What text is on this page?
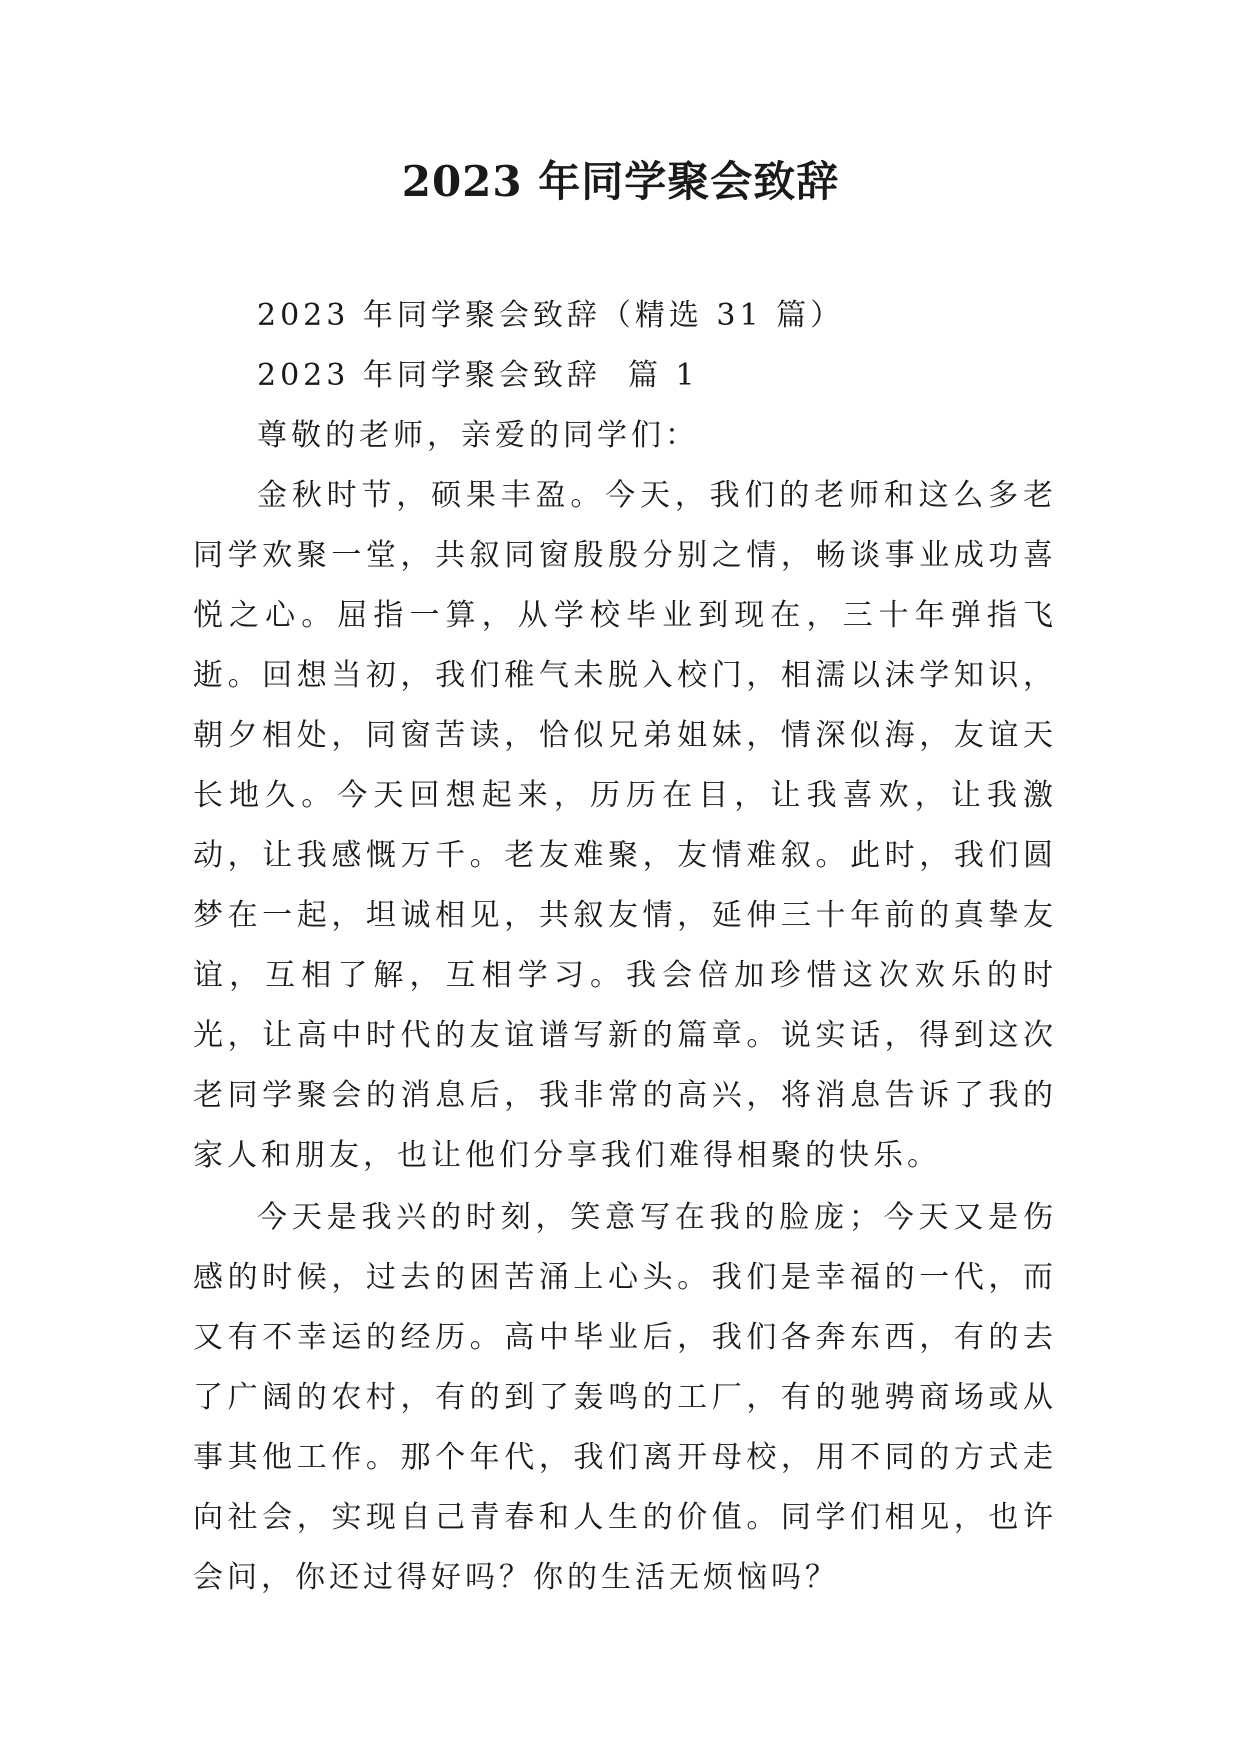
2023 年同学聚会致辞

2023 年同学聚会致辞（精选 31 篇）

2023 年同学聚会致辞  篇 1

尊敬的老师，亲爱的同学们：

金秋时节，硕果丰盈。今天，我们的老师和这么多老同学欢聚一堂，共叙同窗殷殷分别之情，畅谈事业成功喜悦之心。屈指一算，从学校毕业到现在，三十年弹指飞逝。回想当初，我们稚气未脱入校门，相濡以沫学知识，朝夕相处，同窗苦读，恰似兄弟姐妹，情深似海，友谊天长地久。今天回想起来，历历在目，让我喜欢，让我激动，让我感慨万千。老友难聚，友情难叙。此时，我们圆梦在一起，坦诚相见，共叙友情，延伸三十年前的真挚友谊，互相了解，互相学习。我会倍加珍惜这次欢乐的时光，让高中时代的友谊谱写新的篇章。说实话，得到这次老同学聚会的消息后，我非常的高兴，将消息告诉了我的家人和朋友，也让他们分享我们难得相聚的快乐。

今天是我兴的时刻，笑意写在我的脸庞；今天又是伤感的时候，过去的困苦涌上心头。我们是幸福的一代，而又有不幸运的经历。高中毕业后，我们各奔东西，有的去了广阔的农村，有的到了轰鸣的工厂，有的驰骋商场或从事其他工作。那个年代，我们离开母校，用不同的方式走向社会，实现自己青春和人生的价值。同学们相见，也许会问，你还过得好吗？你的生活无烦恼吗？
